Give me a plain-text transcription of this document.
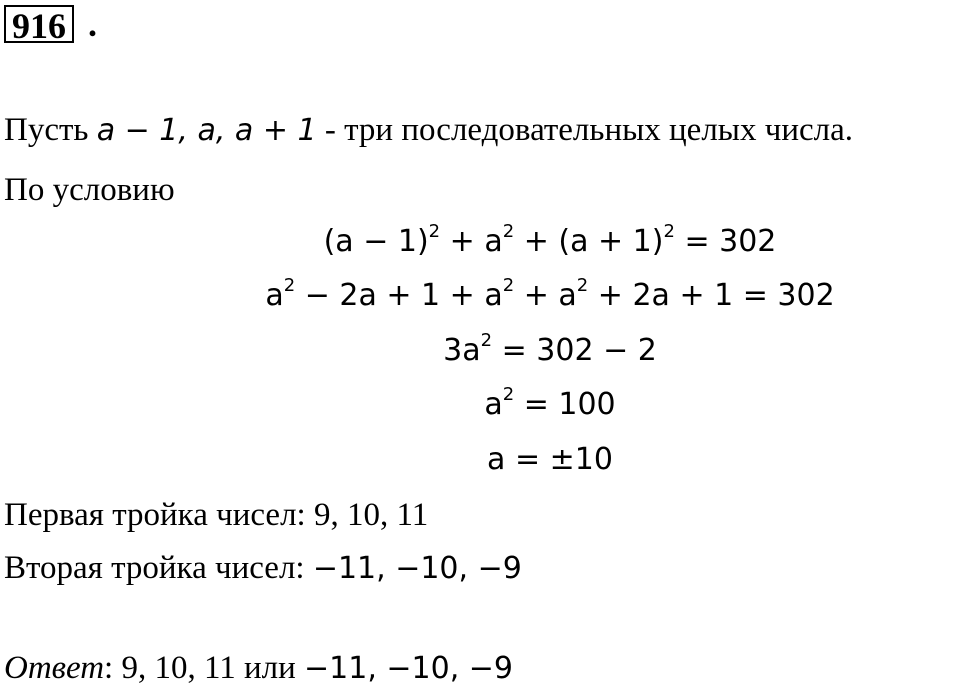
916 .
Пусть a − 1, a, a + 1 - три последовательных целых числа.
По условию
$(a - 1)^2 + a^2 + (a + 1)^2 = 302$
$a^2 - 2a + 1 + a^2 + a^2 + 2a + 1 = 302$
$3a^2 = 302 - 2$
$a^2 = 100$
a = ±10
Первая тройка чисел: 9, 10, 11
Вторая тройка чисел: −11, −10, −9
Ответ: 9, 10, 11 или −11, −10, −9
